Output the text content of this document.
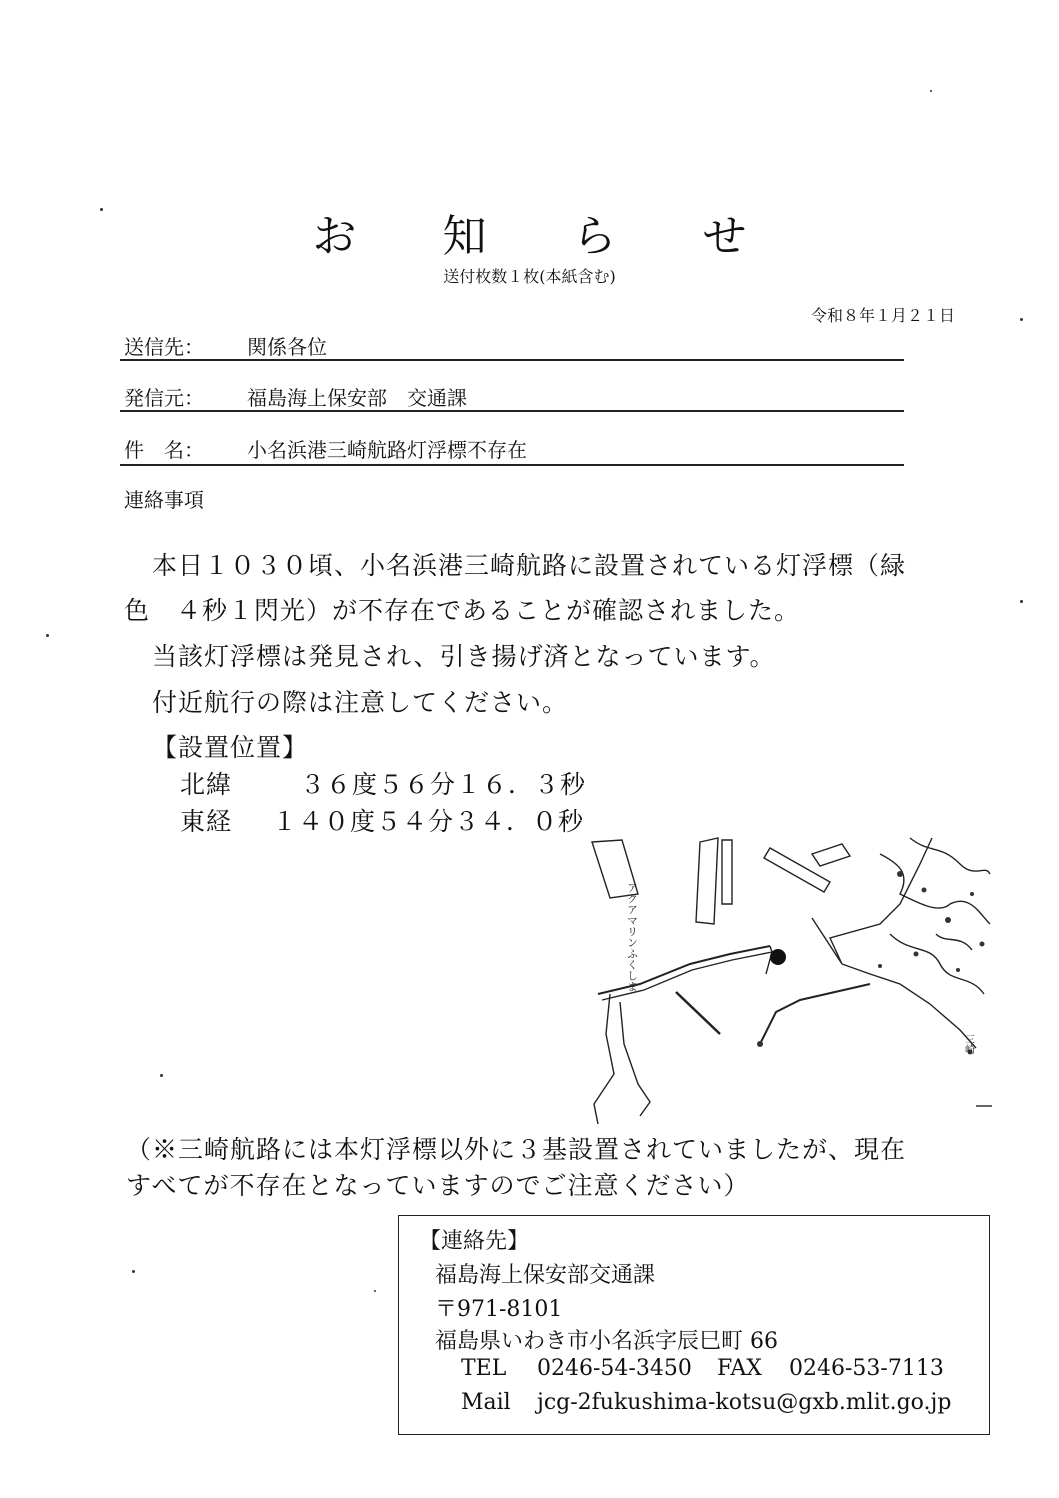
お 知 ら せ
送付枚数１枚(本紙含む)
令和８年１月２１日
送信先： 関係各位
発信元： 福島海上保安部　交通課
件　名： 小名浜港三崎航路灯浮標不存在
連絡事項
本日１０３０頃、小名浜港三崎航路に設置されている灯浮標（緑
色　４秒１閃光）が不存在であることが確認されました。
当該灯浮標は発見され、引き揚げ済となっています。
付近航行の際は注意してください。
【設置位置】
北緯	３６度５６分１６．３秒
東経 １４０度５４分３４．０秒
アクアマリンふくしま
三崎
（※三崎航路には本灯浮標以外に３基設置されていましたが、現在
すべてが不存在となっていますのでご注意ください）
【連絡先】
福島海上保安部交通課
〒971-8101
福島県いわき市小名浜字辰巳町 66
TEL 0246-54-3450 FAX 0246-53-7113
Mail jcg-2fukushima-kotsu@gxb.mlit.go.jp
